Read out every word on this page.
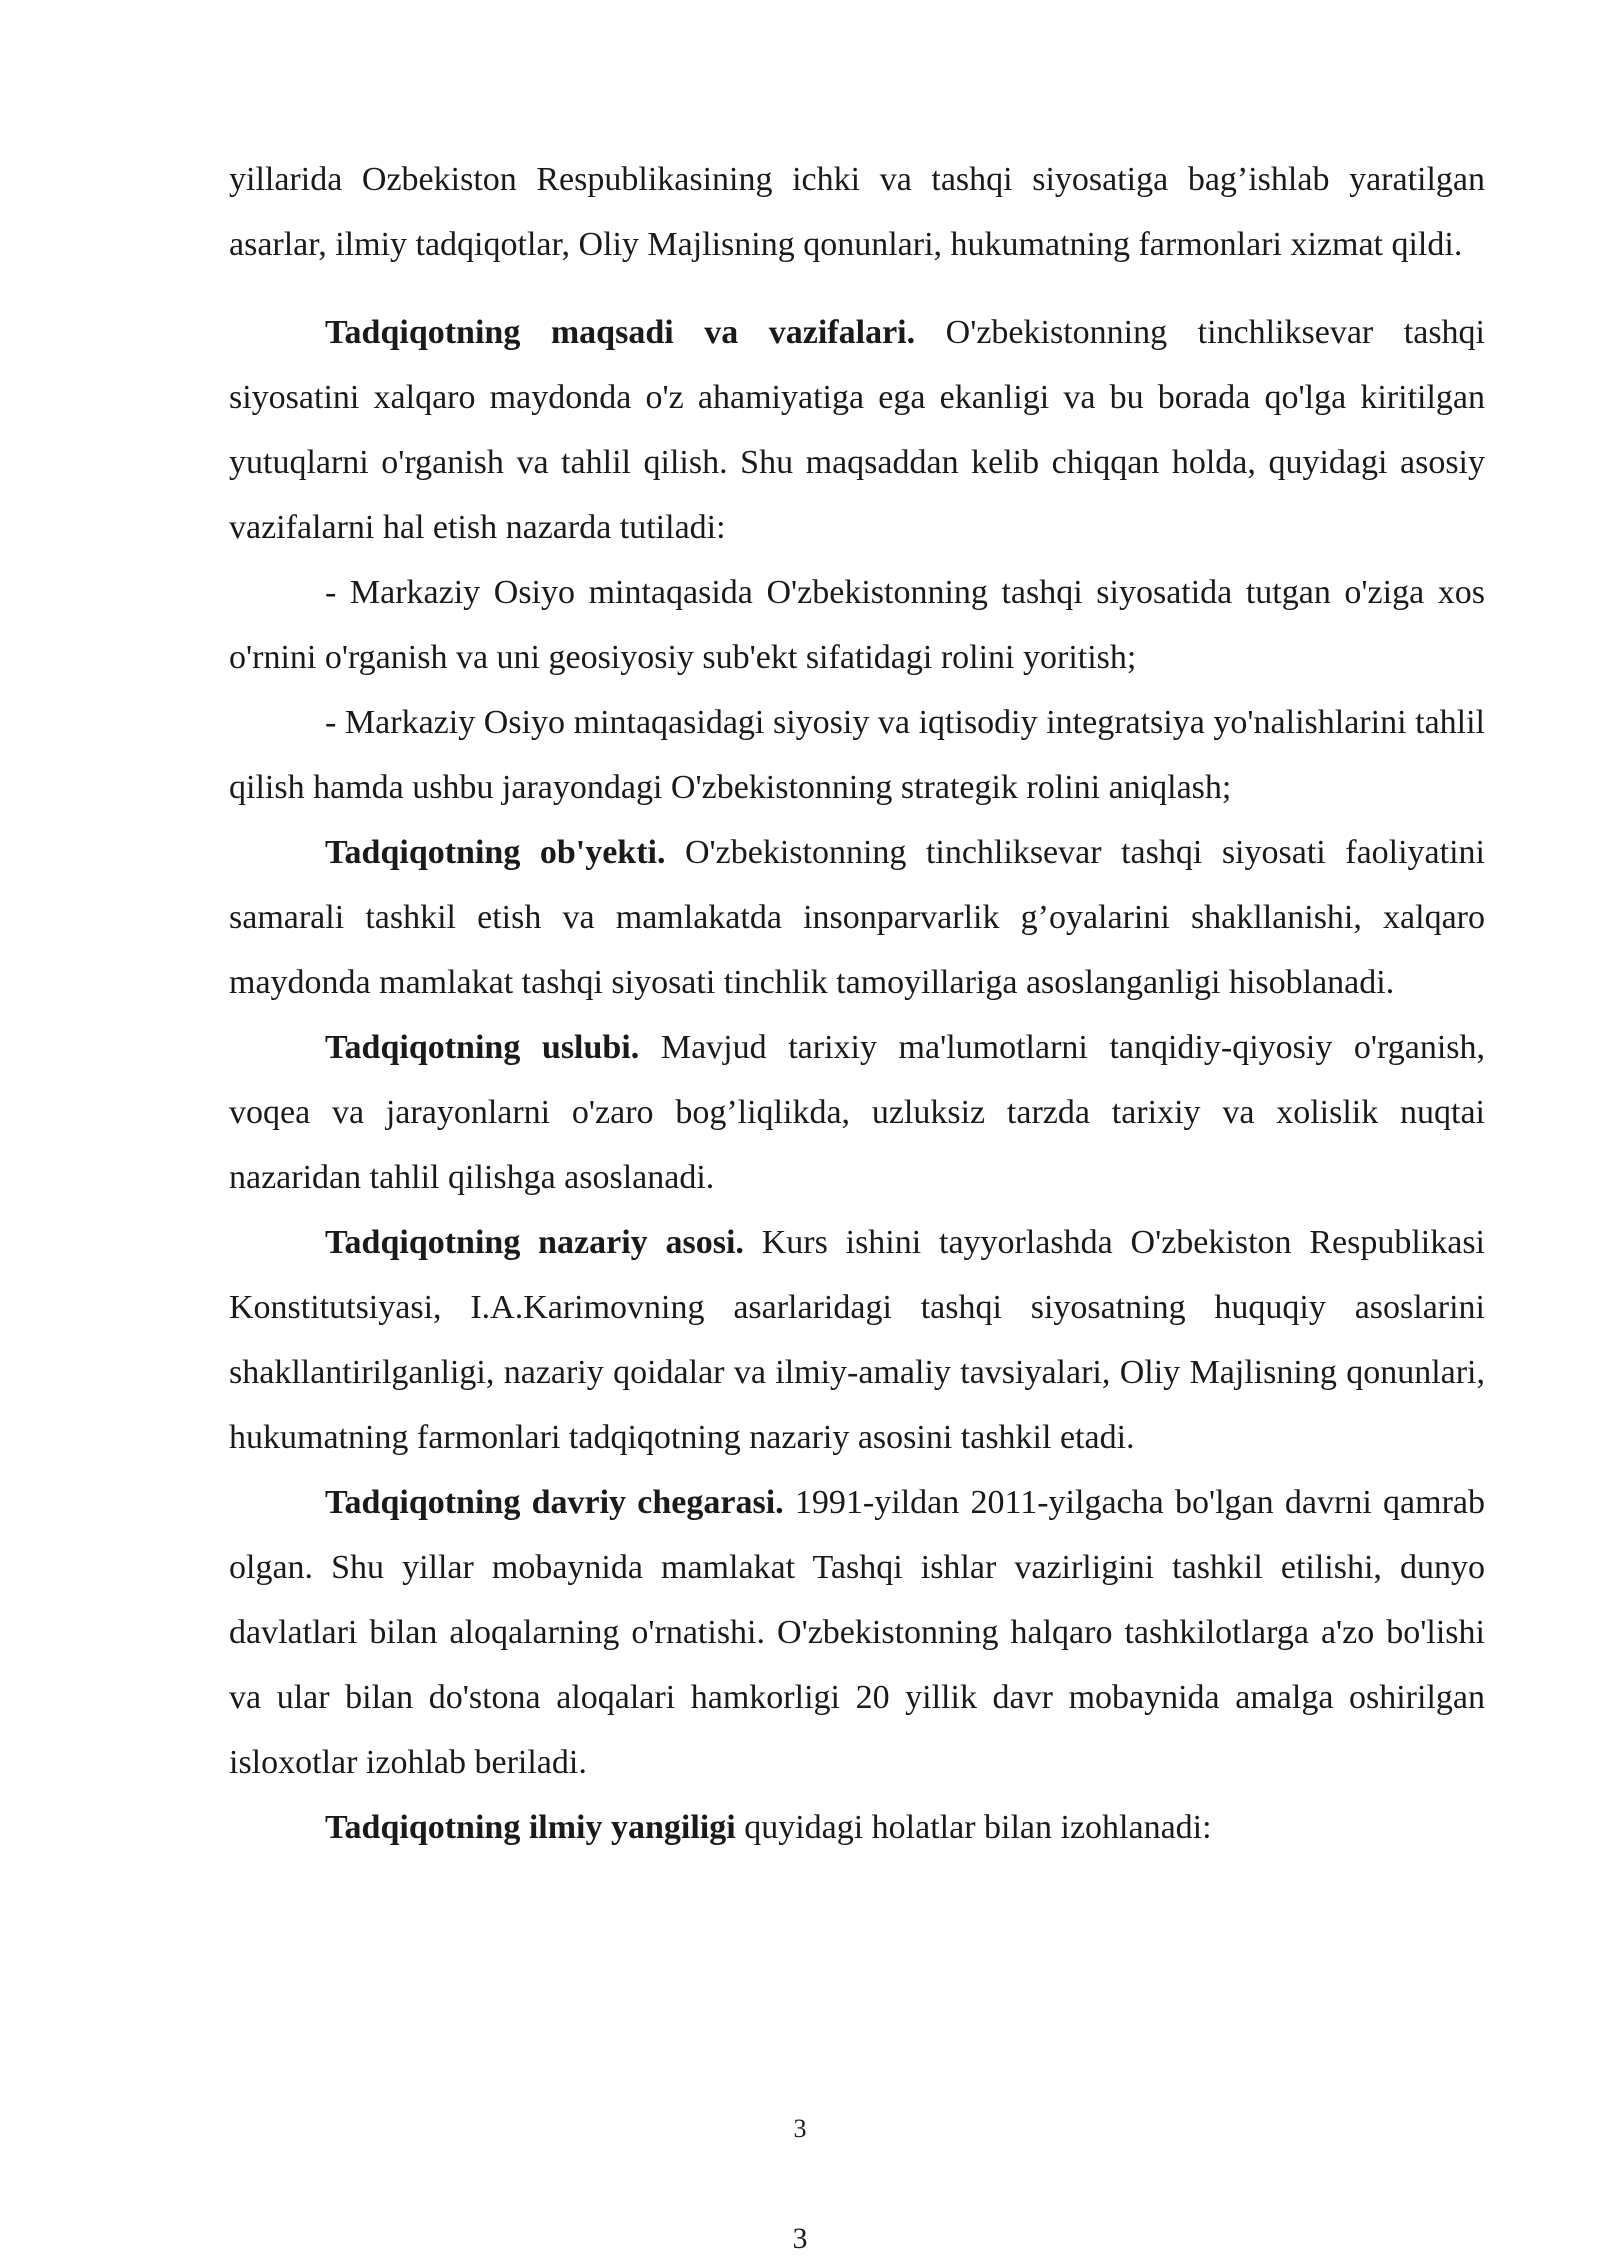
yillarida Ozbekiston Respublikasining ichki va tashqi siyosatiga bag’ishlab yaratilgan asarlar, ilmiy tadqiqotlar, Oliy Majlisning qonunlari, hukumatning farmonlari xizmat qildi.

Tadqiqotning maqsadi va vazifalari. O'zbekistonning tinchliksevar tashqi siyosatini xalqaro maydonda o'z ahamiyatiga ega ekanligi va bu borada qo'lga kiritilgan yutuqlarni o'rganish va tahlil qilish. Shu maqsaddan kelib chiqqan holda, quyidagi asosiy vazifalarni hal etish nazarda tutiladi:

- Markaziy Osiyo mintaqasida O'zbekistonning tashqi siyosatida tutgan o'ziga xos o'rnini o'rganish va uni geosiyosiy sub'ekt sifatidagi rolini yoritish;

- Markaziy Osiyo mintaqasidagi siyosiy va iqtisodiy integratsiya yo'nalishlarini tahlil qilish hamda ushbu jarayondagi O'zbekistonning strategik rolini aniqlash;

Tadqiqotning ob'yekti. O'zbekistonning tinchliksevar tashqi siyosati faoliyatini samarali tashkil etish va mamlakatda insonparvarlik g’oyalarini shakllanishi, xalqaro maydonda mamlakat tashqi siyosati tinchlik tamoyillariga asoslanganligi hisoblanadi.

Tadqiqotning uslubi. Mavjud tarixiy ma'lumotlarni tanqidiy-qiyosiy o'rganish, voqea va jarayonlarni o'zaro bog’liqlikda, uzluksiz tarzda tarixiy va xolislik nuqtai nazaridan tahlil qilishga asoslanadi.

Tadqiqotning nazariy asosi. Kurs ishini tayyorlashda O'zbekiston Respublikasi Konstitutsiyasi, I.A.Karimovning asarlaridagi tashqi siyosatning huquqiy asoslarini shakllantirilganligi, nazariy qoidalar va ilmiy-amaliy tavsiyalari, Oliy Majlisning qonunlari, hukumatning farmonlari tadqiqotning nazariy asosini tashkil etadi.

Tadqiqotning davriy chegarasi. 1991-yildan 2011-yilgacha bo'lgan davrni qamrab olgan. Shu yillar mobaynida mamlakat Tashqi ishlar vazirligini tashkil etilishi, dunyo davlatlari bilan aloqalarning o'rnatishi. O'zbekistonning halqaro tashkilotlarga a'zo bo'lishi va ular bilan do'stona aloqalari hamkorligi 20 yillik davr mobaynida amalga oshirilgan isloxotlar izohlab beriladi.

Tadqiqotning ilmiy yangiligi quyidagi holatlar bilan izohlanadi:

3
3
